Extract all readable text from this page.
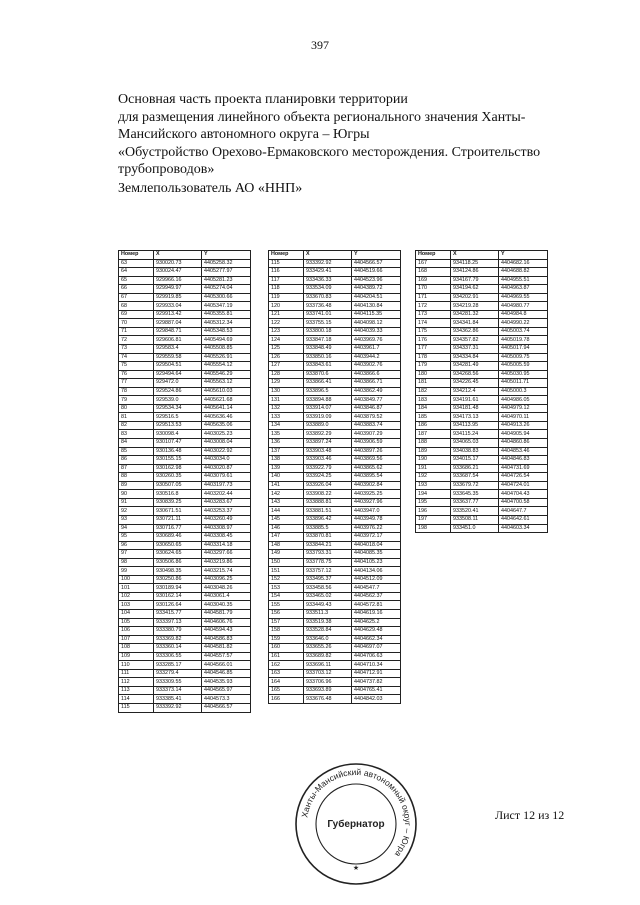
397
Основная часть проекта планировки территории
для размещения линейного объекта регионального значения Ханты-
Мансийского автономного округа – Югры
«Обустройство Орехово-Ермаковского месторождения. Строительство
трубопроводов»
Землепользователь АО «ННП»
Номер	X	Y
63	930020.73	4405258.32
64	930024.47	4405277.97
65	929966.16	4405281.23
66	929949.97	4405274.04
67	929919.85	4405300.66
68	929933.04	4405347.19
69	929913.42	4405355.81
70	929887.04	4405312.34
71	929848.71	4405348.53
72	929606.81	4405494.69
73	929583.4	4405508.85
74	929559.58	4405526.91
75	929504.51	4405554.12
76	929494.64	4405546.29
77	929472.0	4405563.12
78	929524.86	4405610.03
79	929539.0	4405621.68
80	929534.34	4405641.14
81	929516.5	4405636.46
82	929513.53	4405635.06
83	930098.4	4403025.23
84	930107.47	4403008.04
85	930136.48	4403022.92
86	930155.15	4403034.0
87	930162.98	4403020.87
88	930260.35	4403079.61
89	930507.05	4403197.73
90	930516.8	4403202.44
91	930839.25	4403283.67
92	930671.51	4403253.37
93	930721.11	4403260.49
94	930716.77	4403308.97
95	930689.46	4403308.45
96	930650.65	4403314.18
97	930624.65	4403297.66
98	930506.86	4403219.86
99	930498.35	4403215.74
100	930250.86	4403096.25
101	930189.94	4403048.26
102	930162.14	4403061.4
103	930126.64	4403040.35
104	933415.77	4404581.79
105	933397.13	4404606.76
106	933380.79	4404594.43
107	933369.82	4404586.83
108	933360.14	4404581.82
109	933306.55	4404557.57
110	933285.17	4404566.01
111	933279.4	4404546.85
112	933309.55	4404535.93
113	933373.14	4404565.97
114	933385.41	4404573.3
115	933392.92	4404566.57
Номер	X	Y
115	933392.92	4404566.57
116	933429.41	4404519.66
117	933436.33	4404523.96
118	933534.09	4404389.72
119	933670.83	4404204.51
120	933736.48	4404130.84
121	933741.01	4404115.35
122	933755.15	4404098.12
123	933800.18	4404039.33
124	933847.18	4403969.76
125	933848.49	4403961.7
126	933850.16	4403944.2
127	933843.61	4403902.76
128	933870.6	4403866.6
129	933866.41	4403866.71
130	933896.5	4403862.49
131	933894.88	4403849.77
132	933914.07	4403846.87
133	933919.09	4403879.52
134	933889.0	4403883.74
135	933892.29	4403907.29
136	933897.24	4403906.59
137	933903.48	4403897.26
138	933903.46	4403869.56
139	933922.79	4403865.62
140	933924.25	4403895.54
141	933926.04	4403902.84
142	933908.22	4403925.25
143	933888.81	4403927.96
144	933881.51	4403947.0
145	933896.42	4403949.78
146	933885.5	4403976.22
147	933870.81	4403972.17
148	933844.21	4404018.04
149	933793.31	4404085.35
150	933778.75	4404105.23
151	933757.12	4404134.06
152	933495.37	4404512.09
153	933458.56	4404547.7
154	933465.02	4404562.37
155	933449.43	4404572.81
156	933511.3	4404619.16
157	933519.38	4404625.2
158	933528.84	4404629.48
159	933646.0	4404662.34
160	933655.26	4404697.07
161	933689.82	4404706.63
162	933696.11	4404710.34
163	933703.12	4404712.91
164	933706.96	4404737.82
165	933693.89	4404765.41
166	933676.48	4404842.03
Номер	X	Y
167	934118.25	4404682.16
168	934124.86	4404688.82
169	934167.79	4404955.51
170	934194.62	4404963.87
171	934202.91	4404969.55
172	934219.28	4404980.77
173	934281.32	4404984.8
174	934341.84	4404990.22
175	934362.86	4405003.74
176	934357.82	4405019.78
177	934337.31	4405017.94
178	934334.84	4405009.75
179	934281.49	4405005.59
180	934268.56	4405030.95
181	934226.45	4405011.71
182	934212.4	4405000.3
183	934191.61	4404986.05
184	934181.48	4404979.12
185	934173.13	4404970.11
186	934113.95	4404913.26
187	934115.24	4404905.94
188	934065.03	4404860.86
189	934038.83	4404853.46
190	934015.17	4404846.83
191	933686.21	4404731.69
192	933687.54	4404726.54
193	933679.72	4404724.01
194	933645.35	4404704.43
195	933637.77	4404700.58
196	933520.41	4404647.7
197	933508.11	4404642.61
198	933451.0	4404603.34
Лист 12 из 12
Ханты-Мансийский автономный округ – Югра
Губернатор
★
